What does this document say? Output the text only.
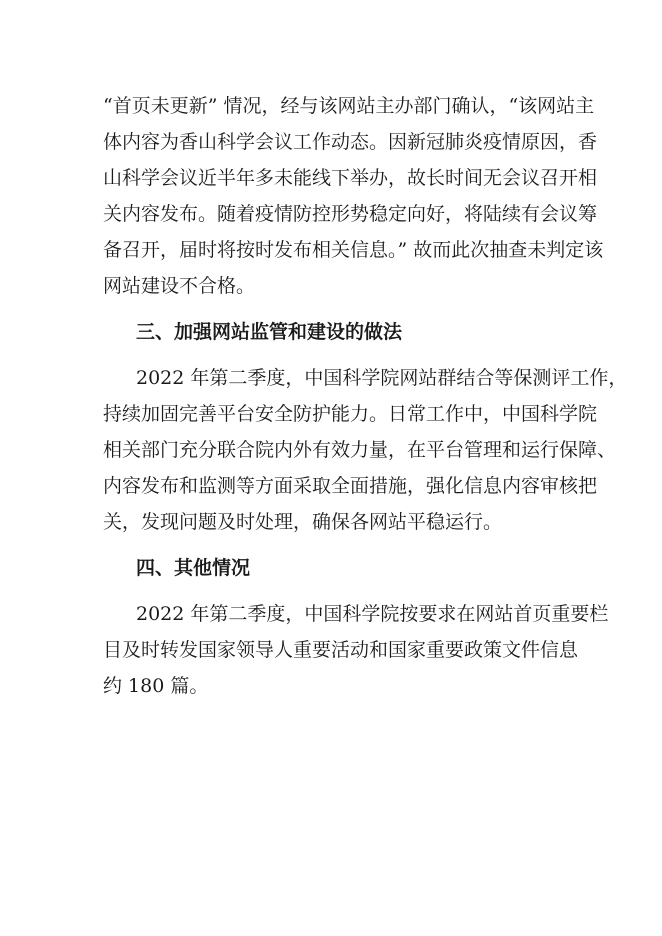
“首页未更新” 情况，经与该网站主办部门确认，“该网站主
体内容为香山科学会议工作动态。因新冠肺炎疫情原因，香
山科学会议近半年多未能线下举办，故长时间无会议召开相
关内容发布。随着疫情防控形势稳定向好，将陆续有会议筹
备召开，届时将按时发布相关信息。” 故而此次抽查未判定该
网站建设不合格。
三、加强网站监管和建设的做法
2022 年第二季度，中国科学院网站群结合等保测评工作，
持续加固完善平台安全防护能力。日常工作中，中国科学院
相关部门充分联合院内外有效力量，在平台管理和运行保障、
内容发布和监测等方面采取全面措施，强化信息内容审核把
关，发现问题及时处理，确保各网站平稳运行。
四、其他情况
2022 年第二季度，中国科学院按要求在网站首页重要栏
目及时转发国家领导人重要活动和国家重要政策文件信息
约 180 篇。
